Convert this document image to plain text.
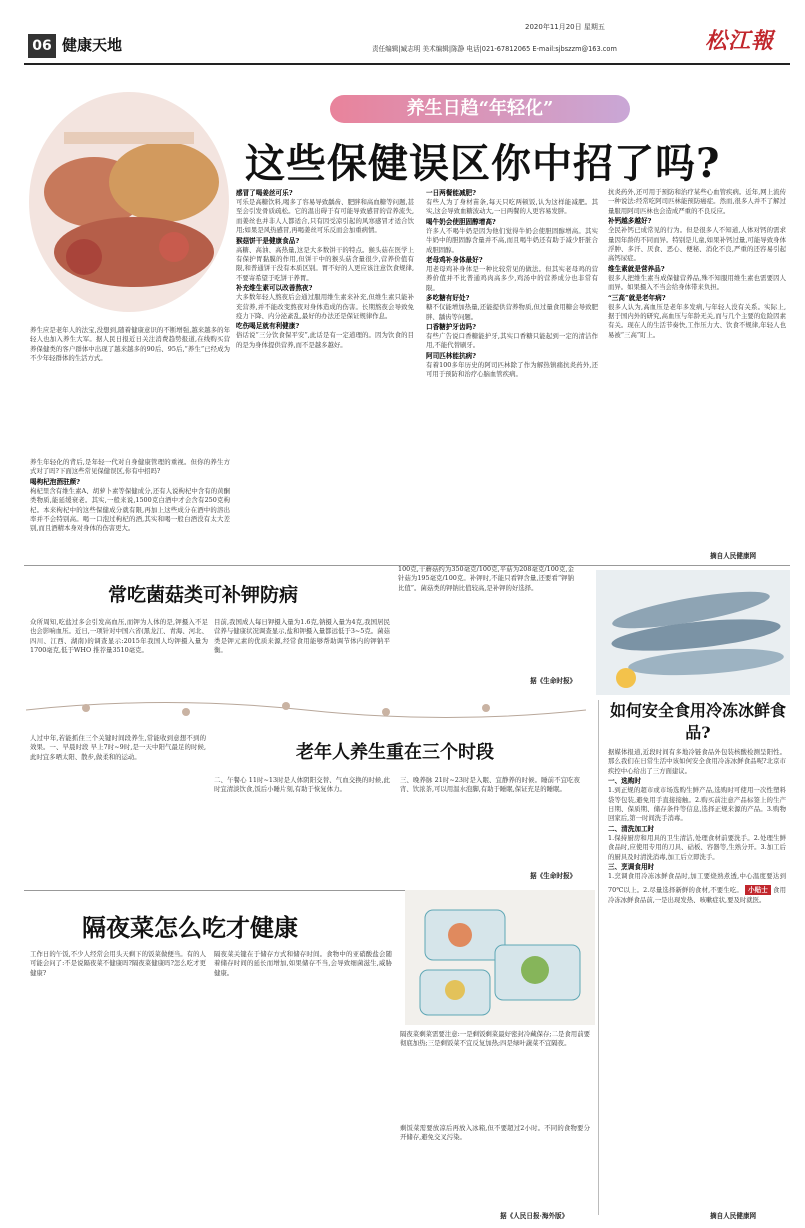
06 健康天地
2020年11月20日 星期五
责任编辑|臧志明 美术编辑|陈静 电话|021-67812065 E-mail:sjbszzm@163.com	松江報
养生日趋“年轻化”
这些保健误区你中招了吗?
养生应是老年人的法宝,没想到,随着健康意识的不断增强,越来越多的年轻人也加入养生大军。据人民日报近日关注消费趋势报道,在线购买营养保健类的客户群体中出现了越来越多的90后、95后,“养生”已经成为不少年轻群体的生活方式。
养生年轻化的背后,是年轻一代对自身健康管理的重视。但你的养生方式对了吗?下面这些常见保健误区,你有中招吗?
喝枸杞泡酒驻颜?
枸杞里含有维生素A、胡萝卜素等保健成分,还有人说枸杞中含有的黄酮类物质,能延缓衰老。其实,一般来说,1500克白酒中才会含有250克枸杞。本来枸杞中的这些保健成分就有限,再加上这些成分在酒中的溶出率并不会特别高。喝一口泡过枸杞的酒,其实和喝一般白酒没有太大差别,而且酒精本身对身体的伤害更大。
感冒了喝姜丝可乐?
可乐是高糖饮料,喝多了容易导致龋齿、肥胖和高血糖等问题,甚至会引发骨质疏松。它的温出碍于有可能导致感冒的营养流失,而姜丝也并非人人都适合,只有因受凉引起的风寒感冒才适合饮用;如果是风热感冒,再喝姜丝可乐反而会加重病情。
猴菇饼干是健康食品?
高糖、高油、高热量,这是大多数饼干的特点。猴头菇在医学上有保护胃黏膜的作用,但饼干中的猴头菇含量很少,营养价值有限,和普通饼干没有本质区别。胃不好的人更应该注意饮食规律,不要寄希望于吃饼干养胃。
补充维生素可以改善熬夜?
大多数年轻人熬夜后会通过服用维生素来补充,但维生素只能补充营养,并不能改变熬夜对身体造成的伤害。长期熬夜会导致免疫力下降、内分泌紊乱,最好的办法还是保证规律作息。
吃伤喝足就有利健康?
俗话说“三分饮食保平安”,此话是有一定道理的。因为饮食的目的是为身体提供营养,而不是越多越好。
一日两餐能减肥?
有些人为了身材苗条,每天只吃两顿饭,认为这样能减肥。其实,这会导致血糖波动大,一日两餐的人更容易发胖。
喝牛奶会使胆固醇增高?
许多人不喝牛奶是因为他们觉得牛奶会使胆固醇增高。其实牛奶中的胆固醇含量并不高,而且喝牛奶还有助于减少肝脏合成胆固醇。
老母鸡补身体最好?
用老母鸡补身体是一种比较常见的做法。但其实老母鸡的营养价值并不比普通鸡肉高多少,鸡汤中的营养成分也非常有限。
多吃糖有好处?
糖不仅能增加热量,还能提供营养物质,但过量食用糖会导致肥胖、龋齿等问题。
口香糖护牙齿吗?
有些广告说口香糖能护牙,其实口香糖只能起到一定的清洁作用,不能代替刷牙。
阿司匹林能抗病?
有着100多年历史的阿司匹林除了作为解热镇痛抗炎药外,还可用于预防和治疗心脑血管疾病。
抗炎药外,还可用于预防和治疗某些心血管疾病。近年,网上流传一种说法:经常吃阿司匹林能预防癌症。然而,很多人并不了解过量服用阿司匹林也会造成严重的不良反应。
补钙越多越好?
全民补钙已成常见的行为。但是很多人不知道,人体对钙的需求量因年龄的不同而异。特别是儿童,如果补钙过量,可能导致身体浮肿、多汗、厌食、恶心、便秘、消化不良,严重的还容易引起高钙尿症。
维生素就是营养品?
很多人把维生素当成保健营养品,殊不知服用维生素也需要因人而异。如果摄入不当会给身体带来负担。
“三高”就是老年病?
很多人认为,高血压是老年多发病,与年轻人没有关系。实际上,据于国内外的研究,高血压与年龄无关,而与几个主要的危险因素有关。现在人的生活节奏快,工作压力大、饮食不规律,年轻人也易被“三高”盯上。
摘自人民健康网
常吃菌菇类可补钾防病
众所周知,吃盐过多会引发高血压,而钾为人体的是,钾摄入不足也会影响血压。近日,一项针对中国六省(黑龙江、青海、河北、四川、江西、湖南)的调查显示:2015年我国人均钾摄入量为1700毫克,低于WHO 推荐量3510毫克。
目前,我国成人每日钾摄入量为1.6克,钠摄入量为4克,我国居民营养与健康状况调查显示,盐和钾摄入量都远低于3~5克。菌菇类是钾元素的优质来源,经常食用能够帮助调节体内的钾钠平衡。
100克,干蘑菇约为350毫克/100克,平菇为208毫克/100克,金针菇为195毫克/100克。补钾时,不能只看钾含量,还要看“钾钠比值”。菌菇类的钾钠比值较高,是补钾的好选择。
据《生命时报》
如何安全食用冷冻冰鲜食品?
据媒体报道,近段时间有多地冷链食品外包装核酸检测呈阳性。那么我们在日常生活中该如何安全食用冷冻冰鲜食品呢?北京市疾控中心给出了三方面建议。
一、选购时
1.到正规的超市或市场选购生鲜产品,选购时可使用一次性塑料袋等包装,避免用手直接接触。2.购买前注意产品标签上的生产日期、保质期、储存条件等信息,选择正规来源的产品。3.购物回家后,第一时间洗手消毒。
二、清洗加工时
1.保持厨房和用具的卫生清洁,处理食材前要洗手。2.处理生鲜食品时,应使用专用的刀具、砧板、容器等,生熟分开。3.加工后的厨具及时清洗消毒,加工后立即洗手。
三、烹调食用时
1.烹调食用冷冻冰鲜食品时,加工要烧熟煮透,中心温度要达到70℃以上。2.尽量选择新鲜的食材,不要生吃。 小贴士 食用冷冻冰鲜食品前,一是出现发热、咳嗽症状,要及时就医。
摘自人民健康网
人过中年,若能抓住三个关键时间段养生,常能收到意想不到的效果。一、早晨时段 早上7时~9时,是一天中阳气最足的时候,此时宜多晒太阳、散步,做柔和的运动。	老年人养生重在三个时段
二、午餐心 11时~13时是人体阴阳交替、气血交换的时候,此时宜清淡饮食,饭后小睡片刻,有助于恢复体力。
三、晚养脉 21时~23时是入眠、宜静养的时候。睡前不宜吃夜宵、饮浓茶,可以用温水泡脚,有助于睡眠,保证充足的睡眠。
据《生命时报》
隔夜菜怎么吃才健康
工作日的午饭,不少人经常会用头天剩下的饭菜做便当。有的人可能会问了:不是说隔夜菜不健康吗?隔夜菜健康吗?怎么吃才更健康?
隔夜菜关键在于储存方式和储存时间。食物中的亚硝酸盐会随着储存时间的延长而增加,如果储存不当,会导致细菌滋生,威胁健康。
隔夜菜剩菜需要注意:一是剩饭剩菜最好密封冷藏保存;二是食用前要彻底加热;三是剩饭菜不宜反复加热;四是绿叶蔬菜不宜隔夜。
剩饭菜需要放凉后再放入冰箱,但不要超过2小时。不同的食物要分开储存,避免交叉污染。
据《人民日报·海外版》
